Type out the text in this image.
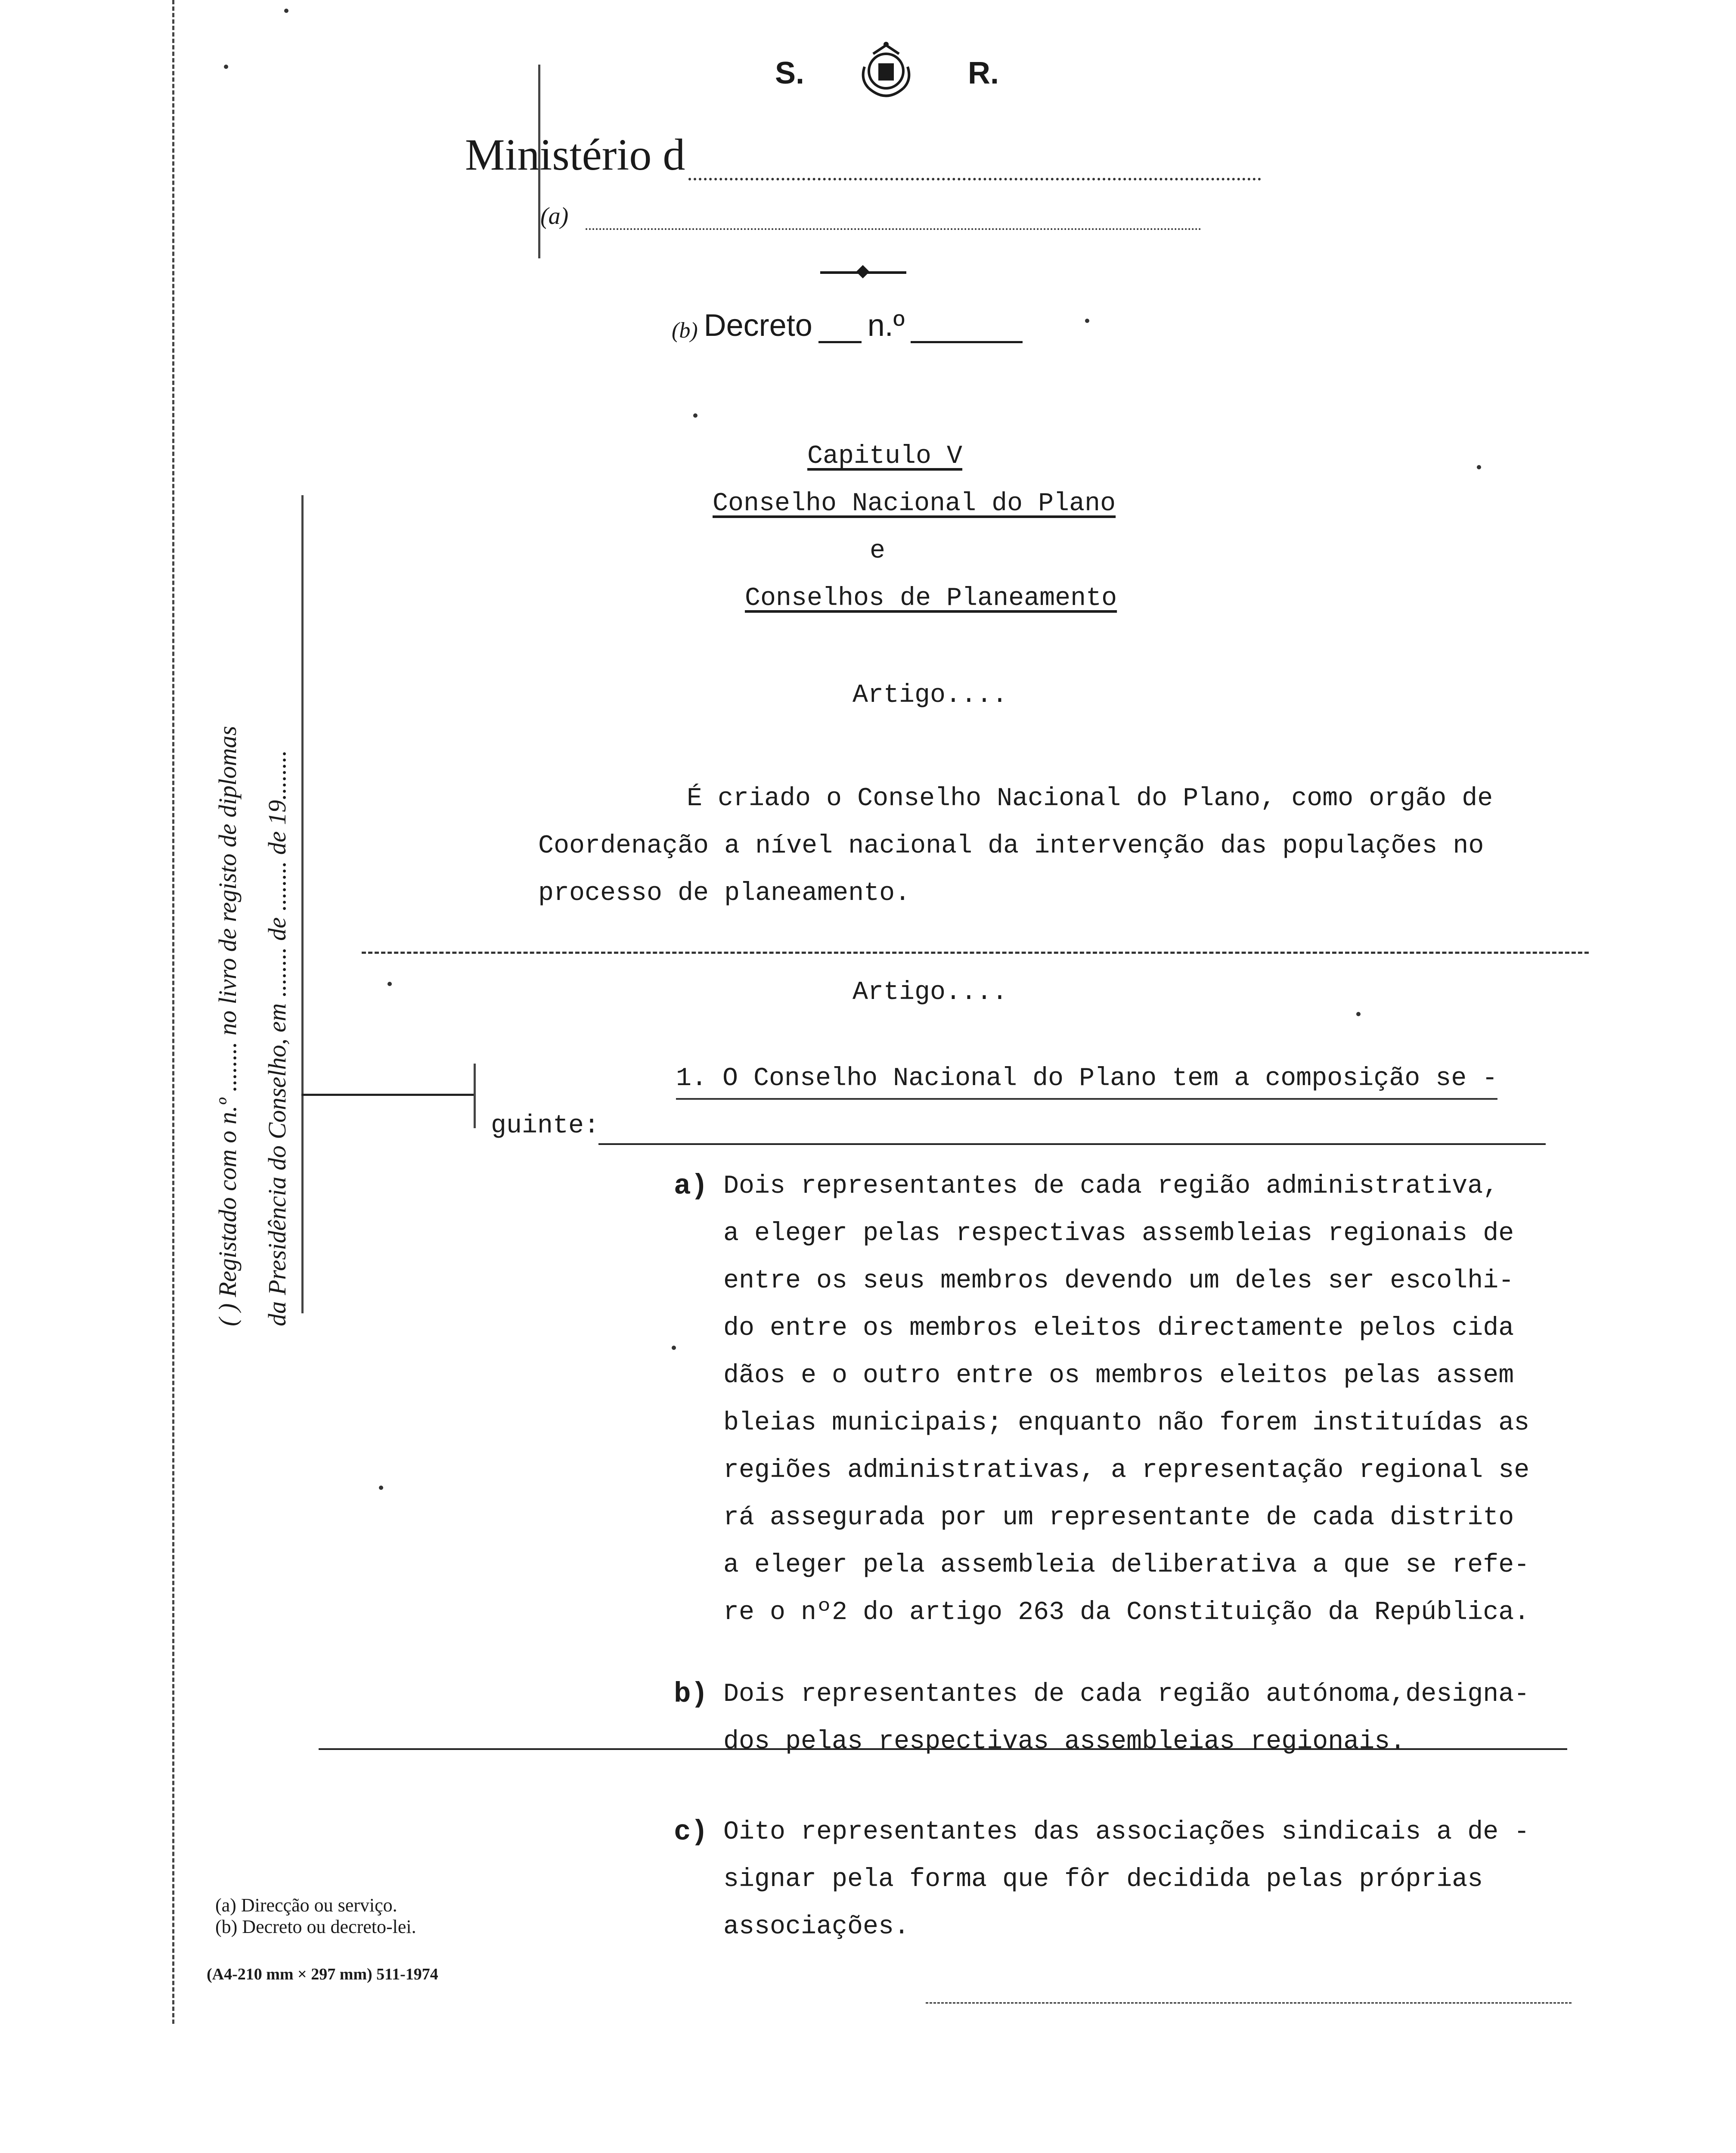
S.	R.
Ministério d
(a)
(b) Decreto n.º
Capitulo V
Conselho Nacional do Plano
e
Conselhos de Planeamento
Artigo....
É criado o Conselho Nacional do Plano, como orgão de
Coordenação a nível nacional da intervenção das populações no
processo de planeamento.
Artigo....
1. O Conselho Nacional do Plano tem a composição se -
guinte:
a) Dois representantes de cada região administrativa,
a eleger pelas respectivas assembleias regionais de
entre os seus membros devendo um deles ser escolhi-
do entre os membros eleitos directamente pelos cida
dãos e o outro entre os membros eleitos pelas assem
bleias municipais; enquanto não forem instituídas as
regiões administrativas, a representação regional se
rá assegurada por um representante de cada distrito
a eleger pela assembleia deliberativa a que se refe-
re o nº2 do artigo 263 da Constituição da República.
b) Dois representantes de cada região autónoma,designa-
dos pelas respectivas assembleias regionais.
c) Oito representantes das associações sindicais a de -
signar pela forma que fôr decidida pelas próprias
associações.
( ) Registado com o n.º ........ no livro de registo de diplomas da Presidência do Conselho, em ........ de ........ de 19........
(a) Direcção ou serviço.
(b) Decreto ou decreto-lei.
(A4-210 mm × 297 mm) 511-1974
